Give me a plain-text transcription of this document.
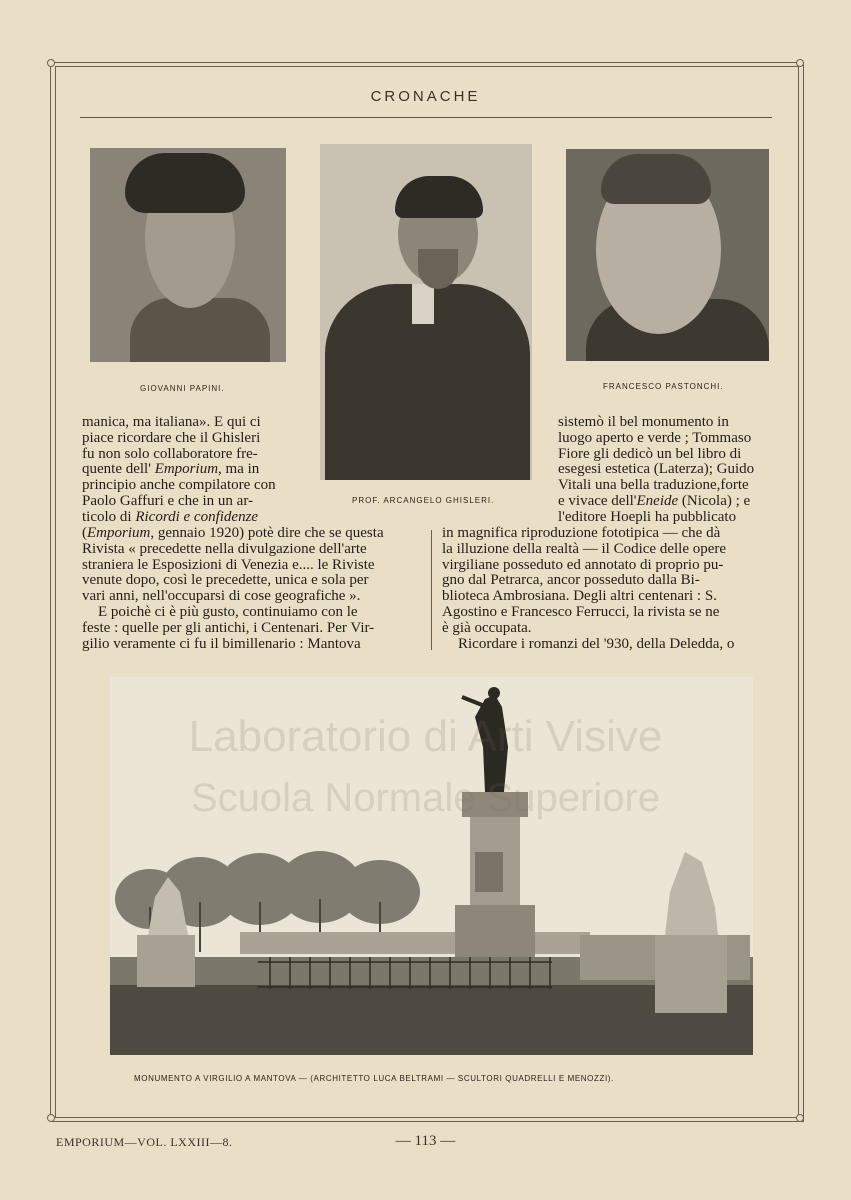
CRONACHE
GIOVANNI PAPINI.
PROF. ARCANGELO GHISLERI.
FRANCESCO PASTONCHI.

manica, ma italiana». E qui ci

piace ricordare che il Ghisleri

fu non solo collaboratore fre-

quente dell' Emporium, ma in

principio anche compilatore con

Paolo Gaffuri e che in un ar-

ticolo di Ricordi e confidenze

(Emporium, gennaio 1920) potè dire che se questa

Rivista « precedette nella divulgazione dell'arte

straniera le Esposizioni di Venezia e.... le Riviste

venute dopo, così le precedette, unica e sola per

vari anni, nell'occuparsi di cose geografiche ».

E poichè ci è più gusto, continuiamo con le

feste : quelle per gli antichi, i Centenari. Per Vir-

gilio veramente ci fu il bimillenario : Mantova

sistemò il bel monumento in

luogo aperto e verde ; Tommaso

Fiore gli dedicò un bel libro di

esegesi estetica (Laterza); Guido

Vitali una bella traduzione,forte

e vivace dell'Eneide (Nicola) ; e

l'editore Hoepli ha pubblicato

in magnifica riproduzione fototipica — che dà

la illuzione della realtà — il Codice delle opere

virgiliane posseduto ed annotato di proprio pu-

gno dal Petrarca, ancor posseduto dalla Bi-

blioteca Ambrosiana. Degli altri centenari : S.

Agostino e Francesco Ferrucci, la rivista se ne

è già occupata.

Ricordare i romanzi del '930, della Deledda, o

MONUMENTO A VIRGILIO A MANTOVA — (ARCHITETTO LUCA BELTRAMI — SCULTORI QUADRELLI E MENOZZI).
Laboratorio di Arti Visive
Scuola Normale Superiore
EMPORIUM—VOL. LXXIII—8.	— 113 —
